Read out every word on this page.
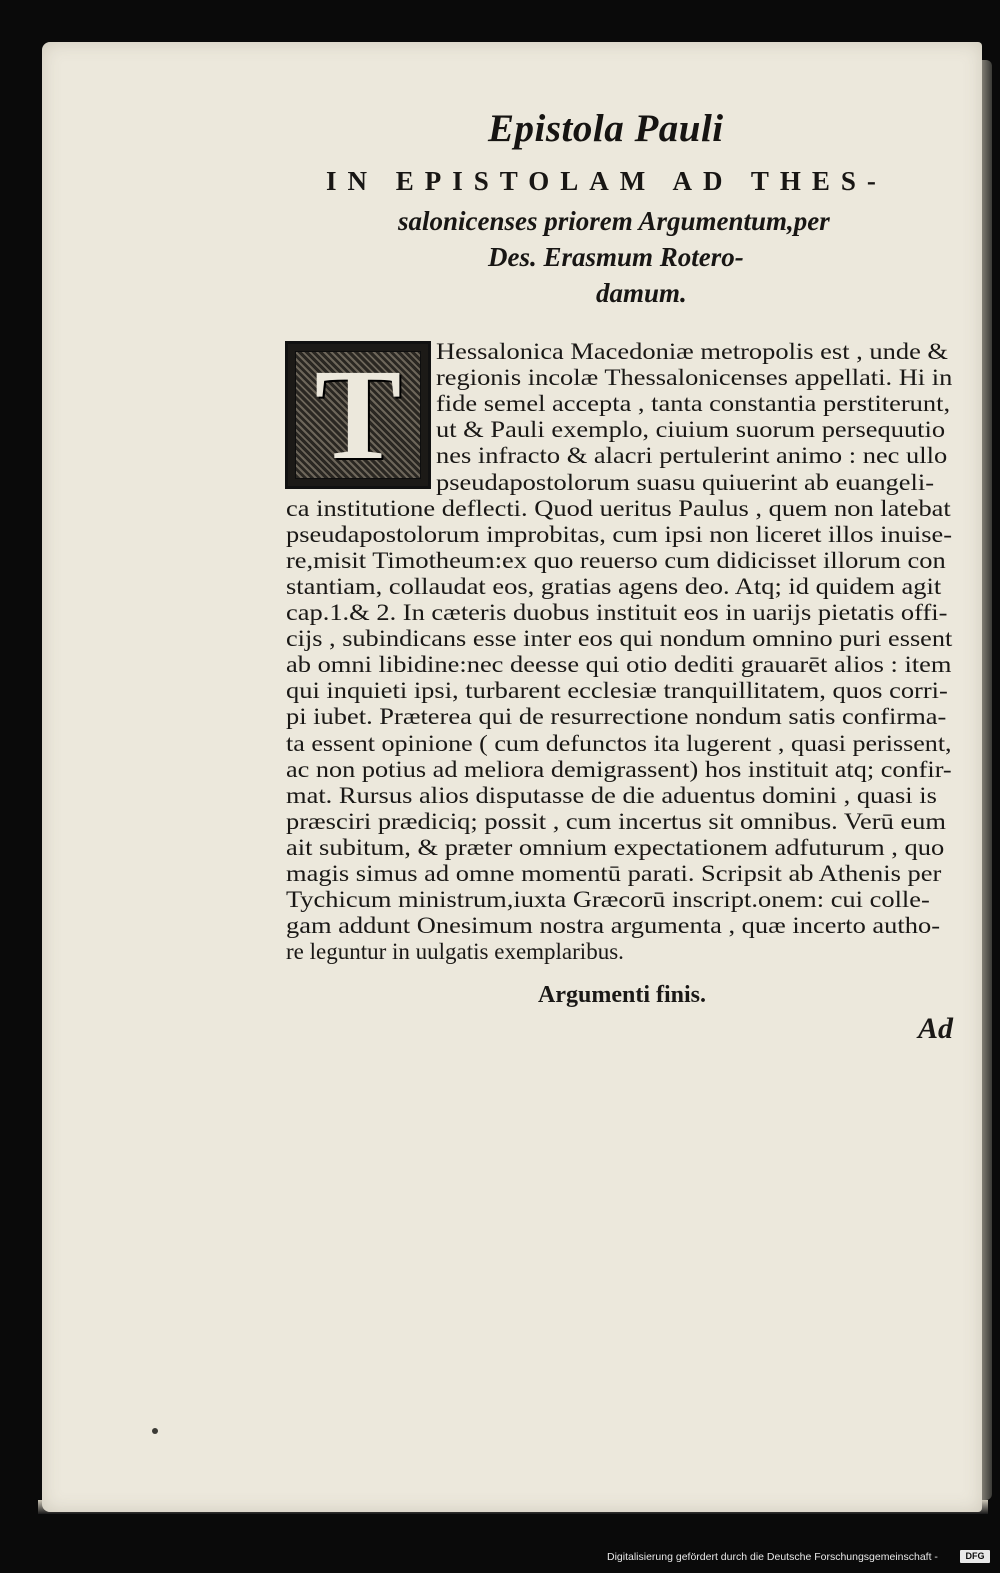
Epistola Pauli
IN EPISTOLAM AD THES-
salonicenses priorem Argumentum,per
Des. Erasmum Rotero-
damum.
T	Hessalonica Macedoniæ metropolis est , unde &
regionis incolæ Thessalonicenses appellati. Hi in
fide semel accepta , tanta constantia perstiterunt,
ut & Pauli exemplo, ciuium suorum persequutio
nes infracto & alacri pertulerint animo : nec ullo
pseudapostolorum suasu quiuerint ab euangeli-
ca institutione deflecti. Quod ueritus Paulus , quem non latebat
pseudapostolorum improbitas, cum ipsi non liceret illos inuise-
re,misit Timotheum:ex quo reuerso cum didicisset illorum con
stantiam, collaudat eos, gratias agens deo. Atq; id quidem agit
cap.1.& 2. In cæteris duobus instituit eos in uarijs pietatis offi-
cijs , subindicans esse inter eos qui nondum omnino puri essent
ab omni libidine:nec deesse qui otio dediti grauarēt alios : item
qui inquieti ipsi, turbarent ecclesiæ tranquillitatem, quos corri-
pi iubet. Præterea qui de resurrectione nondum satis confirma-
ta essent opinione ( cum defunctos ita lugerent , quasi perissent,
ac non potius ad meliora demigrassent) hos instituit atq; confir-
mat. Rursus alios disputasse de die aduentus domini , quasi is
præsciri prædiciq; possit , cum incertus sit omnibus. Verū eum
ait subitum, & præter omnium expectationem adfuturum , quo
magis simus ad omne momentū parati. Scripsit ab Athenis per
Tychicum ministrum,iuxta Græcorū inscript.onem: cui colle-
gam addunt Onesimum nostra argumenta , quæ incerto autho-
re leguntur in uulgatis exemplaribus.
Argumenti finis.
Ad
Digitalisierung gefördert durch die Deutsche Forschungsgemeinschaft -	DFG
